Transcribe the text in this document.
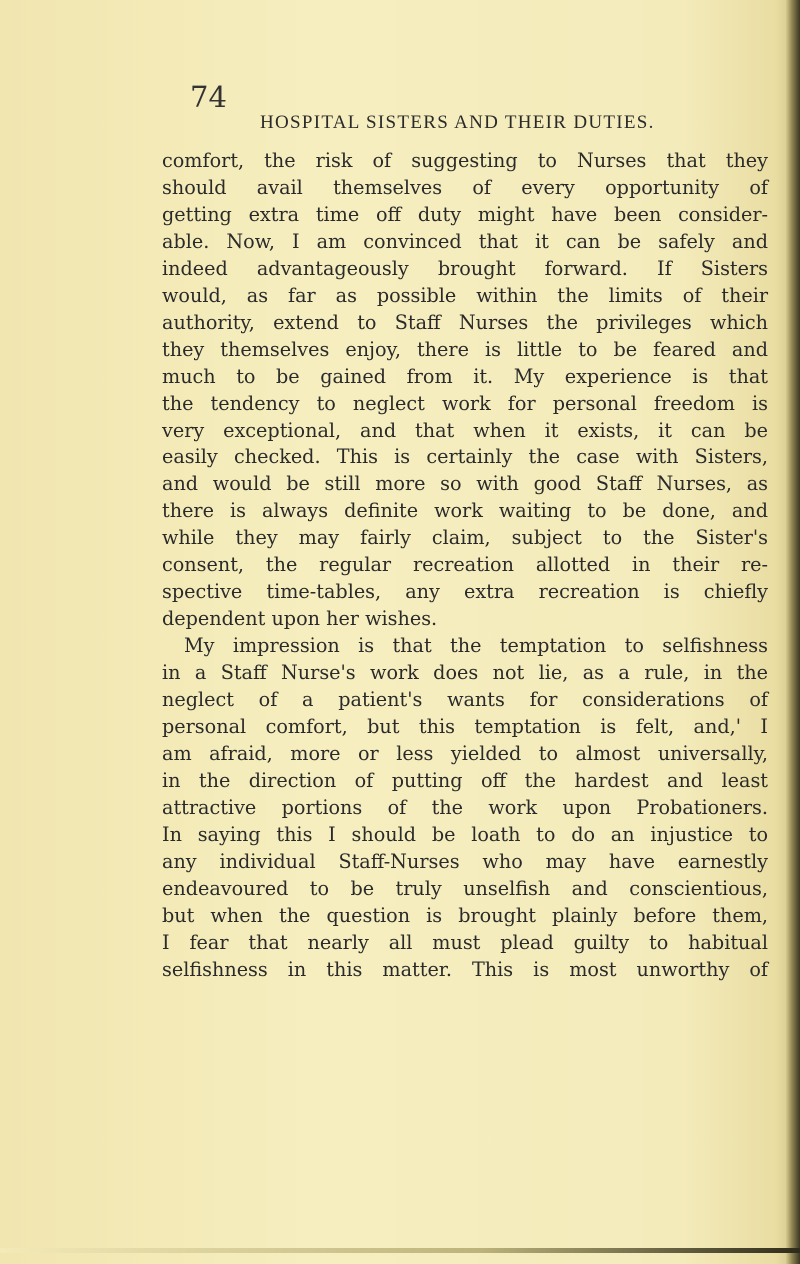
74
HOSPITAL SISTERS AND THEIR DUTIES.
comfort, the risk of suggesting to Nurses that they
should avail themselves of every opportunity of
getting extra time off duty might have been consider-
able. Now, I am convinced that it can be safely and
indeed advantageously brought forward. If Sisters
would, as far as possible within the limits of their
authority, extend to Staff Nurses the privileges which
they themselves enjoy, there is little to be feared and
much to be gained from it. My experience is that
the tendency to neglect work for personal freedom is
very exceptional, and that when it exists, it can be
easily checked. This is certainly the case with Sisters,
and would be still more so with good Staff Nurses, as
there is always definite work waiting to be done, and
while they may fairly claim, subject to the Sister's
consent, the regular recreation allotted in their re-
spective time-tables, any extra recreation is chiefly
dependent upon her wishes.
My impression is that the temptation to selfishness
in a Staff Nurse's work does not lie, as a rule, in the
neglect of a patient's wants for considerations of
personal comfort, but this temptation is felt, and,' I
am afraid, more or less yielded to almost universally,
in the direction of putting off the hardest and least
attractive portions of the work upon Probationers.
In saying this I should be loath to do an injustice to
any individual Staff-Nurses who may have earnestly
endeavoured to be truly unselfish and conscientious,
but when the question is brought plainly before them,
I fear that nearly all must plead guilty to habitual
selfishness in this matter. This is most unworthy of
